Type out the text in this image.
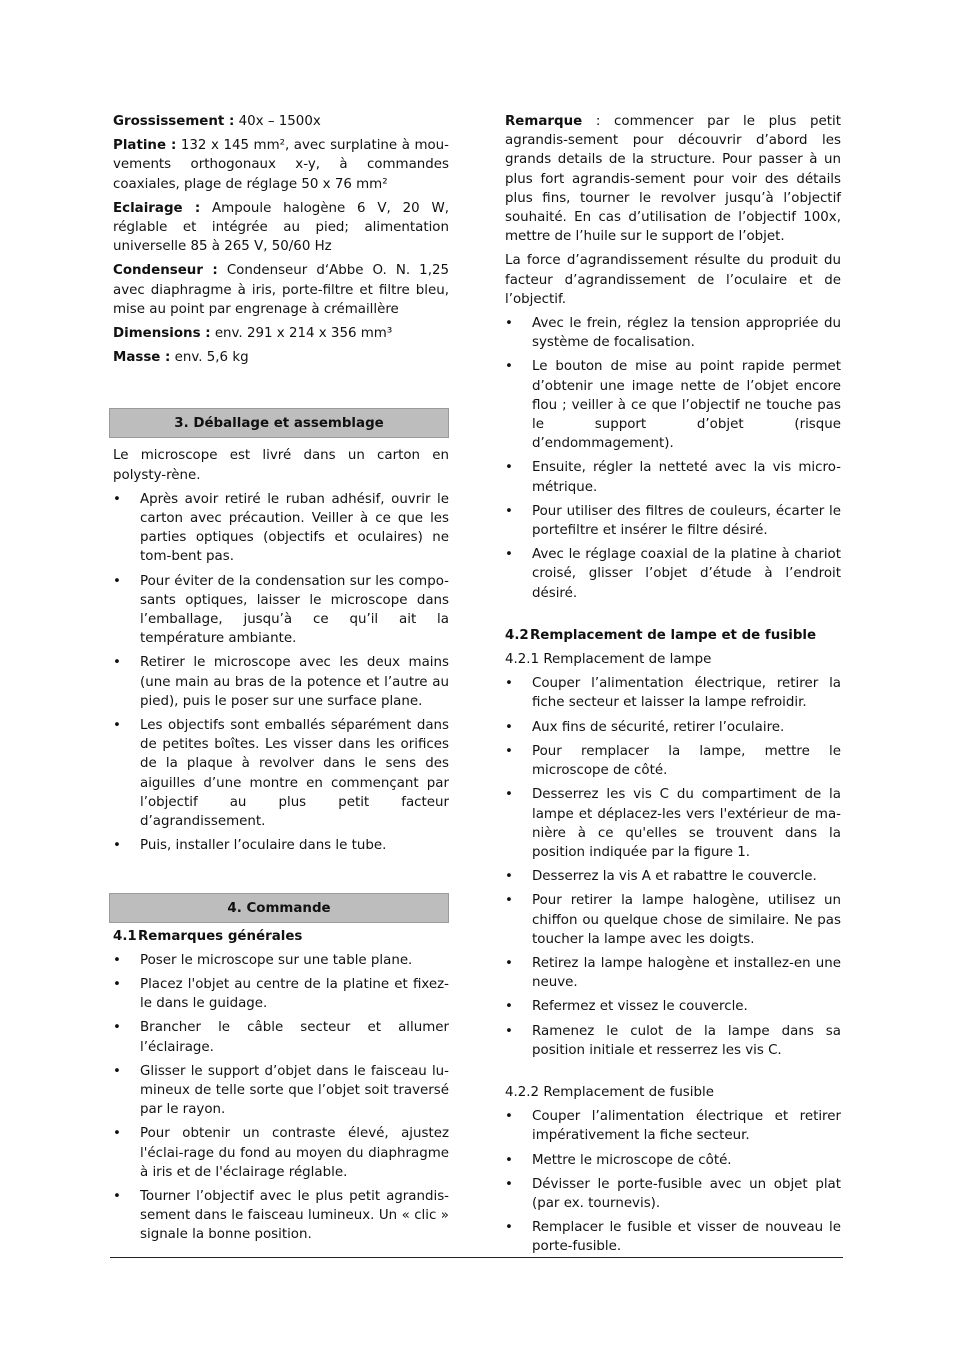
Grossissement : 40x – 1500x

Platine : 132 x 145 mm², avec surplatine à mou-vements orthogonaux x-y, à commandes coaxiales, plage de réglage 50 x 76 mm²

Eclairage : Ampoule halogène 6 V, 20 W, réglable et intégrée au pied; alimentation universelle 85 à 265 V, 50/60 Hz

Condenseur : Condenseur d‘Abbe O. N. 1,25 avec diaphragme à iris, porte-filtre et filtre bleu, mise au point par engrenage à crémaillère

Dimensions : env. 291 x 214 x 356 mm³

Masse : env. 5,6 kg

3. Déballage et assemblage

Le microscope est livré dans un carton en polysty-rène.

• Après avoir retiré le ruban adhésif, ouvrir le carton avec précaution. Veiller à ce que les parties optiques (objectifs et oculaires) ne tom-bent pas.
• Pour éviter de la condensation sur les compo-sants optiques, laisser le microscope dans l’emballage, jusqu’à ce qu’il ait la température ambiante.
• Retirer le microscope avec les deux mains (une main au bras de la potence et l’autre au pied), puis le poser sur une surface plane.
• Les objectifs sont emballés séparément dans de petites boîtes. Les visser dans les orifices de la plaque à revolver dans le sens des aiguilles d’une montre en commençant par l’objectif au plus petit facteur d’agrandissement.
• Puis, installer l’oculaire dans le tube.
4. Commande
4.1Remarques générales
• Poser le microscope sur une table plane.
• Placez l'objet au centre de la platine et fixez-le dans le guidage.
• Brancher le câble secteur et allumer l’éclairage.
• Glisser le support d’objet dans le faisceau lu-mineux de telle sorte que l’objet soit traversé par le rayon.
• Pour obtenir un contraste élevé, ajustez l'éclai-rage du fond au moyen du diaphragme à iris et de l'éclairage réglable.
• Tourner l’objectif avec le plus petit agrandis-sement dans le faisceau lumineux. Un « clic » signale la bonne position.

Remarque : commencer par le plus petit agrandis-sement pour découvrir d’abord les grands details de la structure. Pour passer à un plus fort agrandis-sement pour voir des détails plus fins, tourner le revolver jusqu’à l’objectif souhaité. En cas d’utilisation de l’objectif 100x, mettre de l’huile sur le support de l’objet.

La force d’agrandissement résulte du produit du facteur d’agrandissement de l’oculaire et de l’objectif.

• Avec le frein, réglez la tension appropriée du système de focalisation.
• Le bouton de mise au point rapide permet d’obtenir une image nette de l’objet encore flou ; veiller à ce que l’objectif ne touche pas le support d’objet (risque d’endommagement).
• Ensuite, régler la netteté avec la vis micro-métrique.
• Pour utiliser des filtres de couleurs, écarter le portefiltre et insérer le filtre désiré.
• Avec le réglage coaxial de la platine à chariot croisé, glisser l’objet d’étude à l’endroit désiré.
4.2Remplacement de lampe et de fusible
4.2.1 Remplacement de lampe
• Couper l’alimentation électrique, retirer la fiche secteur et laisser la lampe refroidir.
• Aux fins de sécurité, retirer l’oculaire.
• Pour remplacer la lampe, mettre le microscope de côté.
• Desserrez les vis C du compartiment de la lampe et déplacez-les vers l'extérieur de ma-nière à ce qu'elles se trouvent dans la position indiquée par la figure 1.
• Desserrez la vis A et rabattre le couvercle.
• Pour retirer la lampe halogène, utilisez un chiffon ou quelque chose de similaire. Ne pas toucher la lampe avec les doigts.
• Retirez la lampe halogène et installez-en une neuve.
• Refermez et vissez le couvercle.
• Ramenez le culot de la lampe dans sa position initiale et resserrez les vis C.
4.2.2 Remplacement de fusible
• Couper l’alimentation électrique et retirer impérativement la fiche secteur.
• Mettre le microscope de côté.
• Dévisser le porte-fusible avec un objet plat (par ex. tournevis).
• Remplacer le fusible et visser de nouveau le porte-fusible.
